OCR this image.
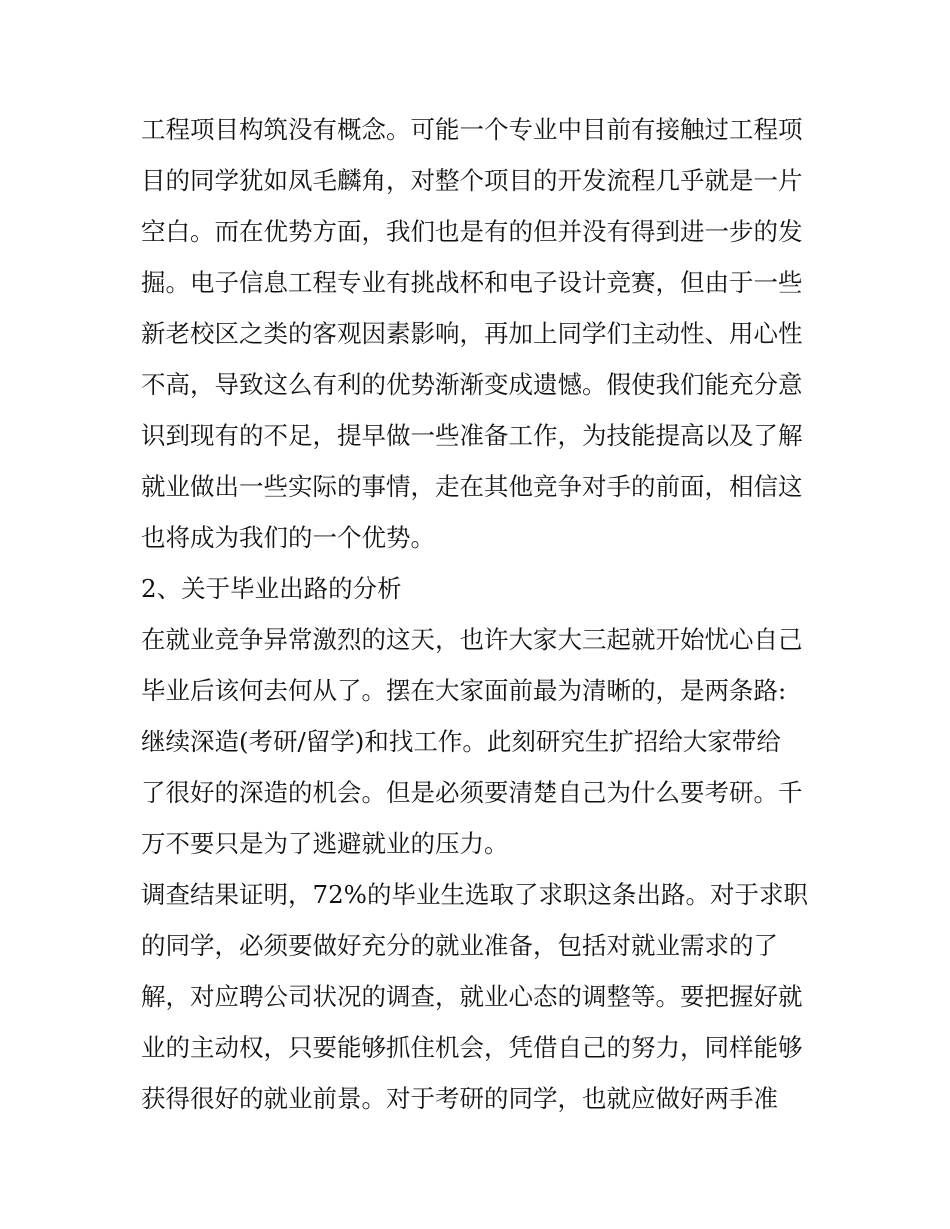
工程项目构筑没有概念。可能一个专业中目前有接触过工程项
目的同学犹如凤毛麟角，对整个项目的开发流程几乎就是一片
空白。而在优势方面，我们也是有的但并没有得到进一步的发
掘。电子信息工程专业有挑战杯和电子设计竞赛，但由于一些
新老校区之类的客观因素影响，再加上同学们主动性、用心性
不高，导致这么有利的优势渐渐变成遗憾。假使我们能充分意
识到现有的不足，提早做一些准备工作，为技能提高以及了解
就业做出一些实际的事情，走在其他竞争对手的前面，相信这
也将成为我们的一个优势。
2、关于毕业出路的分析
在就业竞争异常激烈的这天，也许大家大三起就开始忧心自己
毕业后该何去何从了。摆在大家面前最为清晰的，是两条路:
继续深造(考研/留学)和找工作。此刻研究生扩招给大家带给
了很好的深造的机会。但是必须要清楚自己为什么要考研。千
万不要只是为了逃避就业的压力。
调查结果证明，72%的毕业生选取了求职这条出路。对于求职
的同学，必须要做好充分的就业准备，包括对就业需求的了
解，对应聘公司状况的调查，就业心态的调整等。要把握好就
业的主动权，只要能够抓住机会，凭借自己的努力，同样能够
获得很好的就业前景。对于考研的同学，也就应做好两手准
